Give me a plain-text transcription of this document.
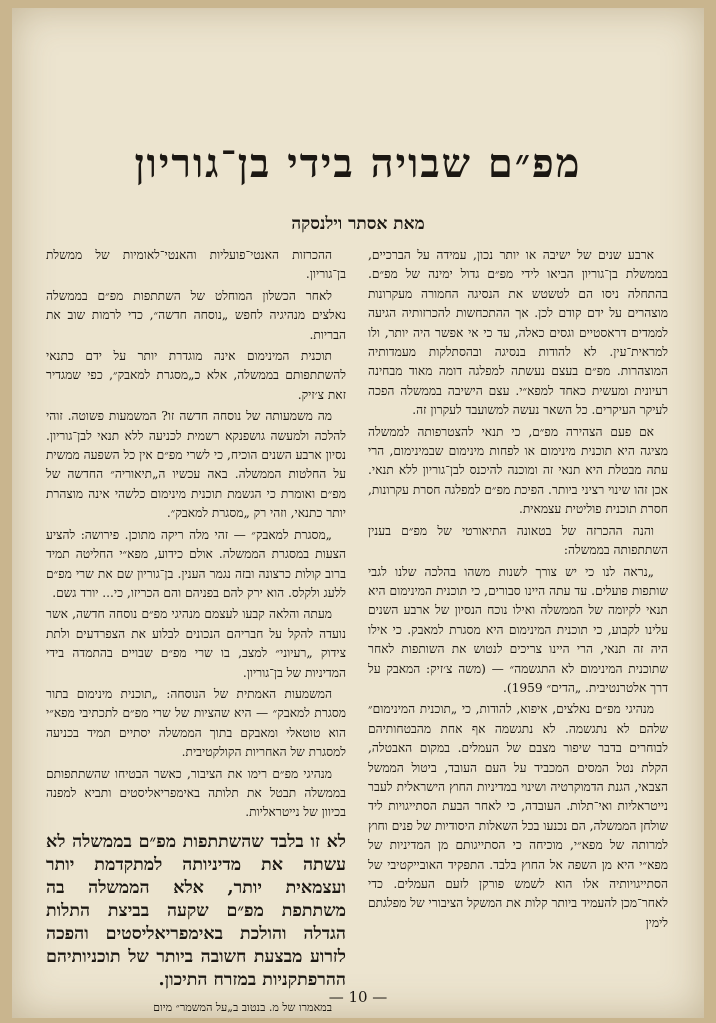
מפ״ם שבויה בידי בן־גוריון
מאת אסתר וילנסקה

ארבע שנים של ישיבה או יותר נכון, עמידה על הברכיים, בממשלת בן־גוריון הביאו לידי מפ״ם גדול ימינה של מפ״ם. בהתחלה ניסו הם לטשטש את הנסיגה החמורה מעקרונות מוצהרים על ידם קודם לכן. אך ההתכחשות להכרזותיה הגיעה לממדים דראסטיים וגסים כאלה, עד כי אי אפשר היה יותר, ולו למראית־עין. לא להודות בנסיגה ובהסתלקות מעמדותיה המוצהרות. מפ״ם בעצם נעשתה למפלגה דומה מאוד מבחינה רעיונית ומעשית כאחד למפא״י. עצם הישיבה בממשלה הפכה לעיקר העיקרים. כל השאר נעשה למשועבד לעקרון זה.

אם פעם הצהירה מפ״ם, כי תנאי להצטרפותה לממשלה מציגה היא תוכנית מינימום או לפחות מינימום שבמינימום, הרי עתה מבטלת היא תנאי זה ומוכנה להיכנס לבן־גוריון ללא תנאי. אכן זהו שינוי רציני ביותר. הפיכת מפ״ם למפלגה חסרת עקרונות, חסרת תוכנית פוליטית עצמאית.

והנה ההכרזה של בטאונה התיאורטי של מפ״ם בענין השתתפותה בממשלה:

„נראה לנו כי יש צורך לשנות משהו בהלכה שלנו לגבי שותפות פועלים. עד עתה היינו סבורים, כי תוכנית המינימום היא תנאי לקיומה של הממשלה ואילו נוכח הנסיון של ארבע השנים עלינו לקבוע, כי תוכנית המינימום היא מסגרת למאבק. כי אילו היה זה תנאי, הרי היינו צריכים לנטוש את השותפות לאחר שתוכנית המינימום לא התגשמה״ — (משה צ׳זיק: המאבק על דרך אלטרנטיבית. „הדים״ 1959).

מנהיגי מפ״ם נאלצים, איפוא, להודות, כי „תוכנית המינימום״ שלהם לא נתגשמה. לא נתגשמה אף אחת מהבטחותיהם לבוחרים בדבר שיפור מצבם של העמלים. במקום האבטלה, הקלת נטל המסים המכביד על העם העובד, ביטול הממשל הצבאי, הגנת הדמוקרטיה ושינוי במדיניות החוץ הישראלית לעבר נייטראליות ואי־תלות. העובדה, כי לאחר הבעת הסתייגויות ליד שולחן הממשלה, הם נכנעו בכל השאלות היסודיות של פנים וחוץ למרותה של מפא״י, מוכיחה כי הסתייגותם מן המדיניות של מפא״י היא מן השפה אל החוץ בלבד. התפקיד האובייקטיבי של הסתייגויותיה אלו הוא לשמש פורקן לזעם העמלים. כדי לאחר־מכן להעמיד ביותר קלות את המשקל הציבורי של מפלגתם לימין

ההכרזות האנטי־פועליות והאנטי־לאומיות של ממשלת בן־גוריון.

לאחר הכשלון המוחלט של השתתפות מפ״ם בממשלה נאלצים מנהיגיה לחפש „נוסחה חדשה״, כדי לרמות שוב את הבריות.

תוכנית המינימום אינה מוגדרת יותר על ידם כתנאי להשתתפותם בממשלה, אלא כ„מסגרת למאבק״, כפי שמגדיר זאת צ׳זיק.

מה משמעותה של נוסחה חדשה זו? המשמעות פשוטה. זוהי להלכה ולמעשה גושפנקא רשמית לכניעה ללא תנאי לבן־גוריון. נסיון ארבע השנים הוכיח, כי לשרי מפ״ם אין כל השפעה ממשית על החלטות הממשלה. באה עכשיו ה„תיאוריה״ החדשה של מפ״ם ואומרת כי הגשמת תוכנית מינימום כלשהי אינה מוצהרת יותר כתנאי, וזהי רק „מסגרת למאבק״.

„מסגרת למאבק״ — זהי מלה ריקה מתוכן. פירושה: להציע הצעות במסגרת הממשלה. אולם כידוע, מפא״י החליטה תמיד ברוב קולות כרצונה ובזה נגמר הענין. בן־גוריון שם את שרי מפ״ם ללעג ולקלס. הוא ירק להם בפניהם והם הכריזו, כי... יורד גשם.

מעתה והלאה קבעו לעצמם מנהיגי מפ״ם נוסחה חדשה, אשר נועדה להקל על חבריהם הנכונים לבלוע את הצפרדעים ולתת צידוק „רעיוני״ למצב, בו שרי מפ״ם שבויים בהתמדה בידי המדיניות של בן־גוריון.

המשמעות האמתית של הנוסחה: „תוכנית מינימום בתור מסגרת למאבק״ — היא שהציות של שרי מפ״ם לתכתיבי מפא״י הוא טוטאלי ומאבקם בתוך הממשלה יסתיים תמיד בכניעה למסגרת של האחריות הקולקטיבית.

מנהיגי מפ״ם רימו את הציבור, כאשר הבטיחו שהשתתפותם בממשלה תבטל את תלותה באימפריאליסטים ותביא למפנה בכיוון של נייטראליות.

לא זו בלבד שהשתתפות מפ״ם בממשלה לא עשתה את מדיניותה למתקדמת יותר ועצמאית יותר, אלא הממשלה בה משתתפת מפ״ם שקעה בביצת התלות הגדלה והולכת באימפריאליסטים והפכה לזרוע מבצעת חשובה ביותר של תוכניותיהם ההרפתקניות במזרח התיכון.

במאמרו של מ. בנטוב ב„על המשמר״ מיום

— 10 —
